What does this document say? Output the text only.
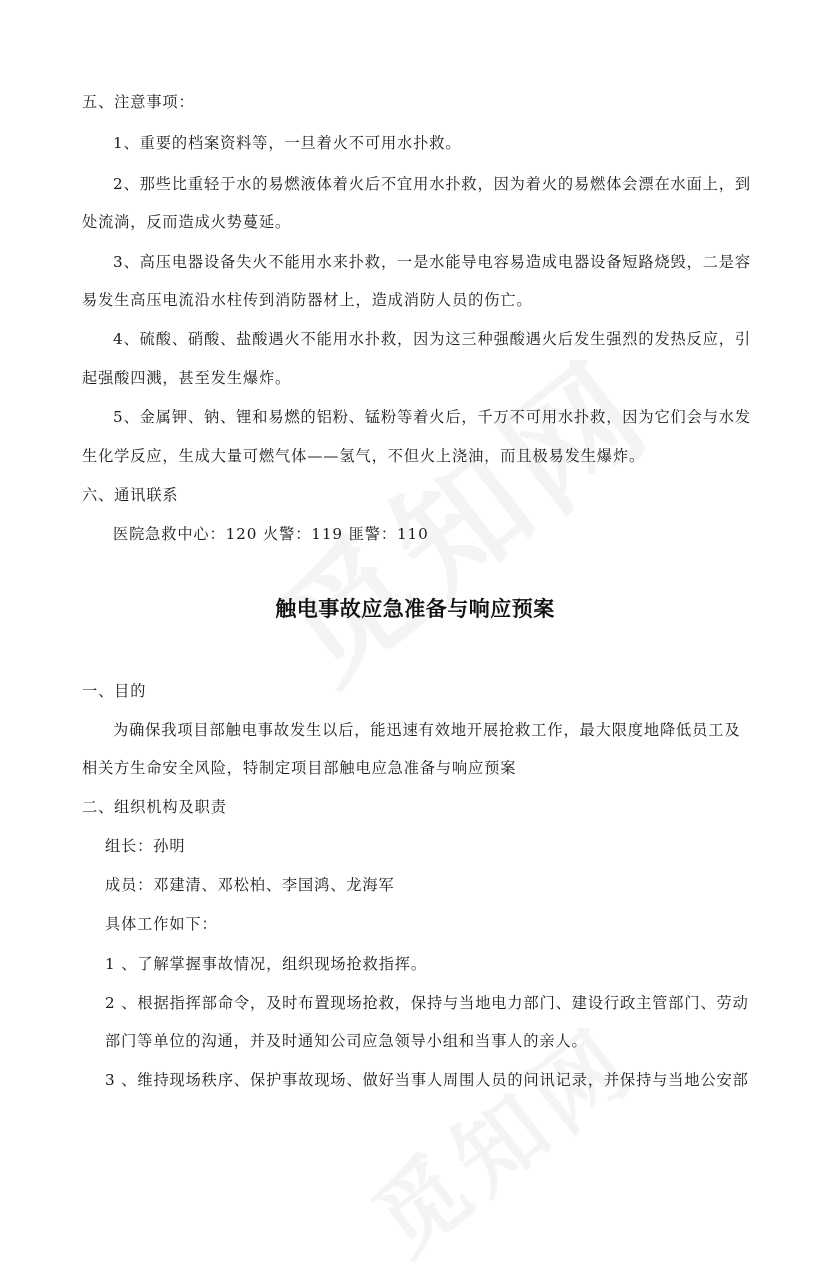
五、注意事项：
1、重要的档案资料等，一旦着火不可用水扑救。
2、那些比重轻于水的易燃液体着火后不宜用水扑救，因为着火的易燃体会漂在水面上，到
处流淌，反而造成火势蔓延。
3、高压电器设备失火不能用水来扑救，一是水能导电容易造成电器设备短路烧毁，二是容
易发生高压电流沿水柱传到消防器材上，造成消防人员的伤亡。
4、硫酸、硝酸、盐酸遇火不能用水扑救，因为这三种强酸遇火后发生强烈的发热反应，引
起强酸四溅，甚至发生爆炸。
5、金属钾、钠、锂和易燃的铝粉、锰粉等着火后，千万不可用水扑救，因为它们会与水发
生化学反应，生成大量可燃气体——氢气，不但火上浇油，而且极易发生爆炸。
六、通讯联系
医院急救中心：120 火警：119 匪警：110
触电事故应急准备与响应预案
一、目的
为确保我项目部触电事故发生以后，能迅速有效地开展抢救工作，最大限度地降低员工及
相关方生命安全风险，特制定项目部触电应急准备与响应预案
二、组织机构及职责
组长：孙明
成员：邓建清、邓松柏、李国鸿、龙海军
具体工作如下：
1 、了解掌握事故情况，组织现场抢救指挥。
2 、根据指挥部命令，及时布置现场抢救，保持与当地电力部门、建设行政主管部门、劳动
部门等单位的沟通，并及时通知公司应急领导小组和当事人的亲人。
3 、维持现场秩序、保护事故现场、做好当事人周围人员的问讯记录，并保持与当地公安部
